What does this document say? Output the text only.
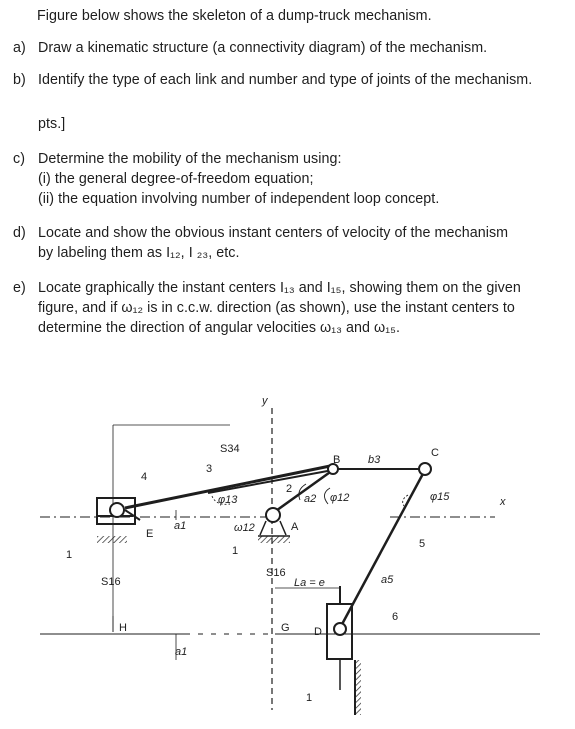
Figure below shows the skeleton of a dump-truck mechanism.
a) Draw a kinematic structure (a connectivity diagram) of the mechanism.
b) Identify the type of each link and number and type of joints of the mechanism.
pts.]
c) Determine the mobility of the mechanism using:
(i) the general degree-of-freedom equation;
(ii) the equation involving number of independent loop concept.
d) Locate and show the obvious instant centers of velocity of the mechanism
by labeling them as I₁₂, I ₂₃, etc.
e) Locate graphically the instant centers I₁₃ and I₁₅, showing them on the given
figure, and if ω₁₂ is in c.c.w. direction (as shown), use the instant centers to
determine the direction of angular velocities ω₁₃ and ω₁₅.
y
S34
3
4
φ13
2
B	b3
C
a2 φ12	φ15	x
a1	ω12	A
E
5
1	1
S16
S16
La = e	a5
H	G D
6
a1
1
